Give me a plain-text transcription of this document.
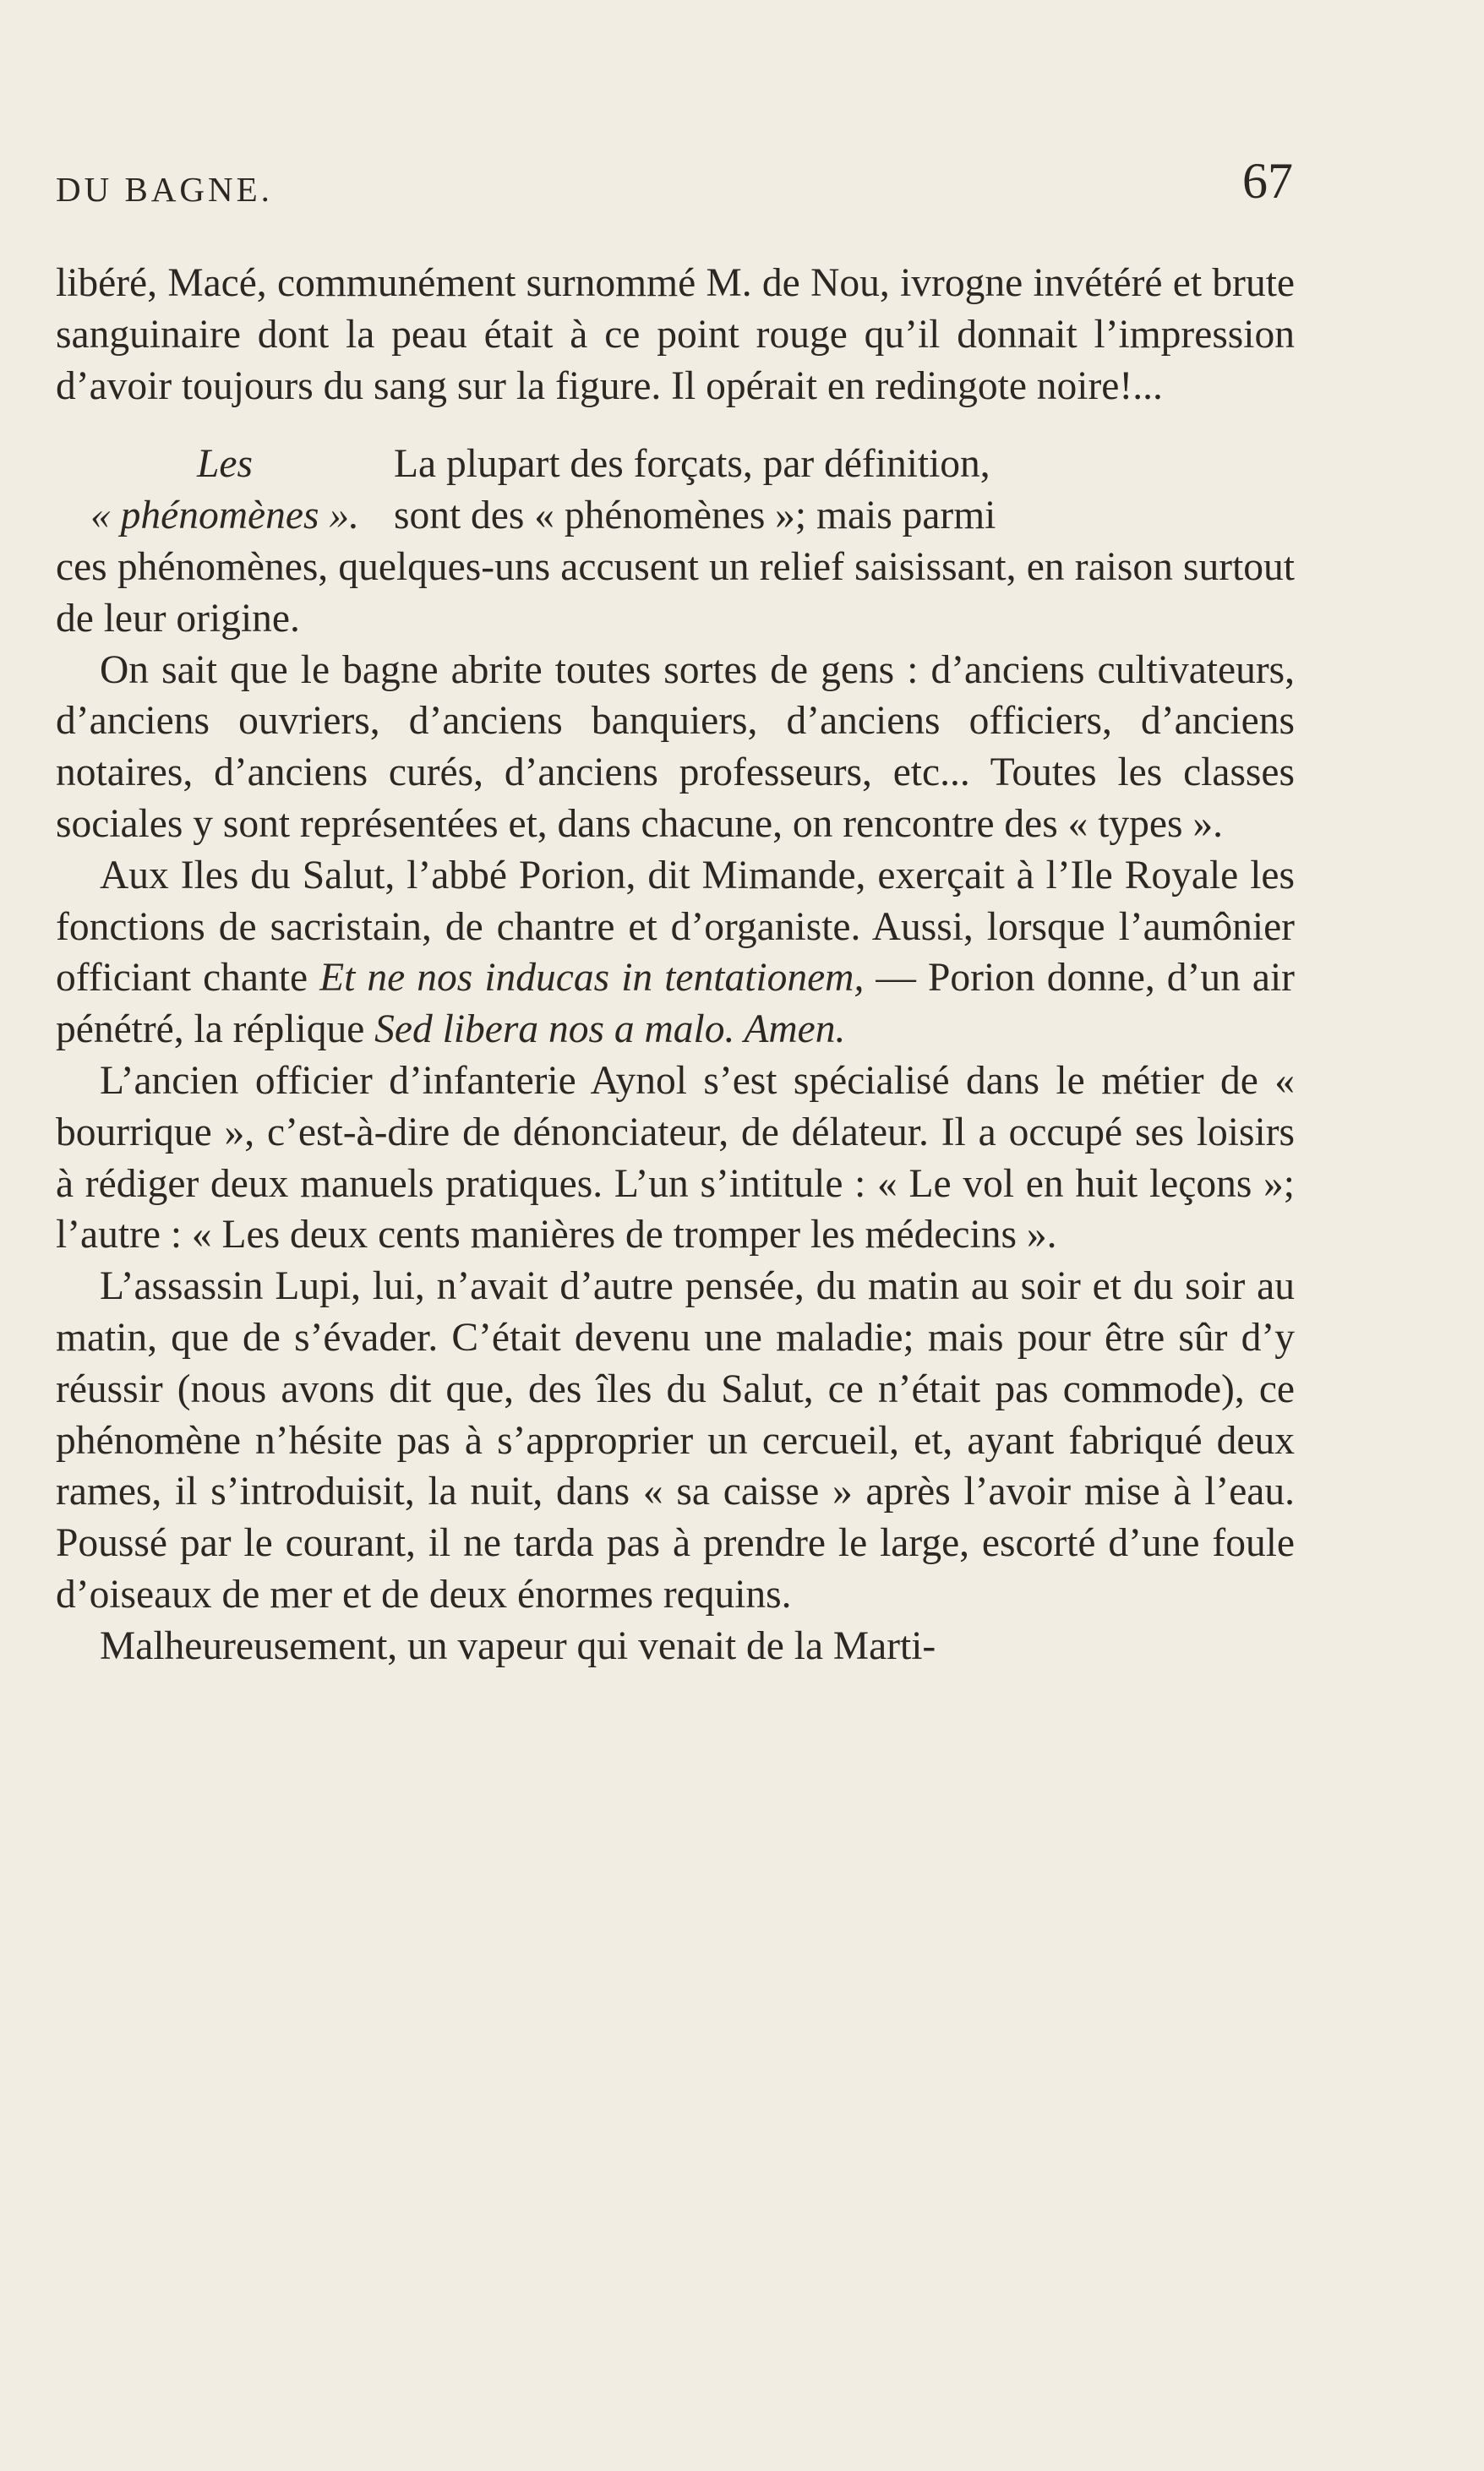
DU BAGNE.	67

libéré, Macé, communément surnommé M. de Nou, ivrogne invétéré et brute sanguinaire dont la peau était à ce point rouge qu’il donnait l’impression d’avoir toujours du sang sur la figure. Il opérait en redingote noire!...

Les	La plupart des forçats, par définition,
« phénomènes ». sont des « phénomènes »; mais parmi

ces phénomènes, quelques-uns accusent un relief saisissant, en raison surtout de leur origine.

On sait que le bagne abrite toutes sortes de gens : d’anciens cultivateurs, d’anciens ouvriers, d’anciens banquiers, d’anciens officiers, d’anciens notaires, d’anciens curés, d’anciens professeurs, etc... Toutes les classes sociales y sont représentées et, dans chacune, on rencontre des « types ».

Aux Iles du Salut, l’abbé Porion, dit Mimande, exerçait à l’Ile Royale les fonctions de sacristain, de chantre et d’organiste. Aussi, lorsque l’aumônier officiant chante Et ne nos inducas in tentationem, — Porion donne, d’un air pénétré, la réplique Sed libera nos a malo. Amen.

L’ancien officier d’infanterie Aynol s’est spécialisé dans le métier de « bourrique », c’est-à-dire de dénonciateur, de délateur. Il a occupé ses loisirs à rédiger deux manuels pratiques. L’un s’intitule : « Le vol en huit leçons »; l’autre : « Les deux cents manières de tromper les médecins ».

L’assassin Lupi, lui, n’avait d’autre pensée, du matin au soir et du soir au matin, que de s’évader. C’était devenu une maladie; mais pour être sûr d’y réussir (nous avons dit que, des îles du Salut, ce n’était pas commode), ce phénomène n’hésite pas à s’approprier un cercueil, et, ayant fabriqué deux rames, il s’introduisit, la nuit, dans « sa caisse » après l’avoir mise à l’eau. Poussé par le courant, il ne tarda pas à prendre le large, escorté d’une foule d’oiseaux de mer et de deux énormes requins.

Malheureusement, un vapeur qui venait de la Marti-
